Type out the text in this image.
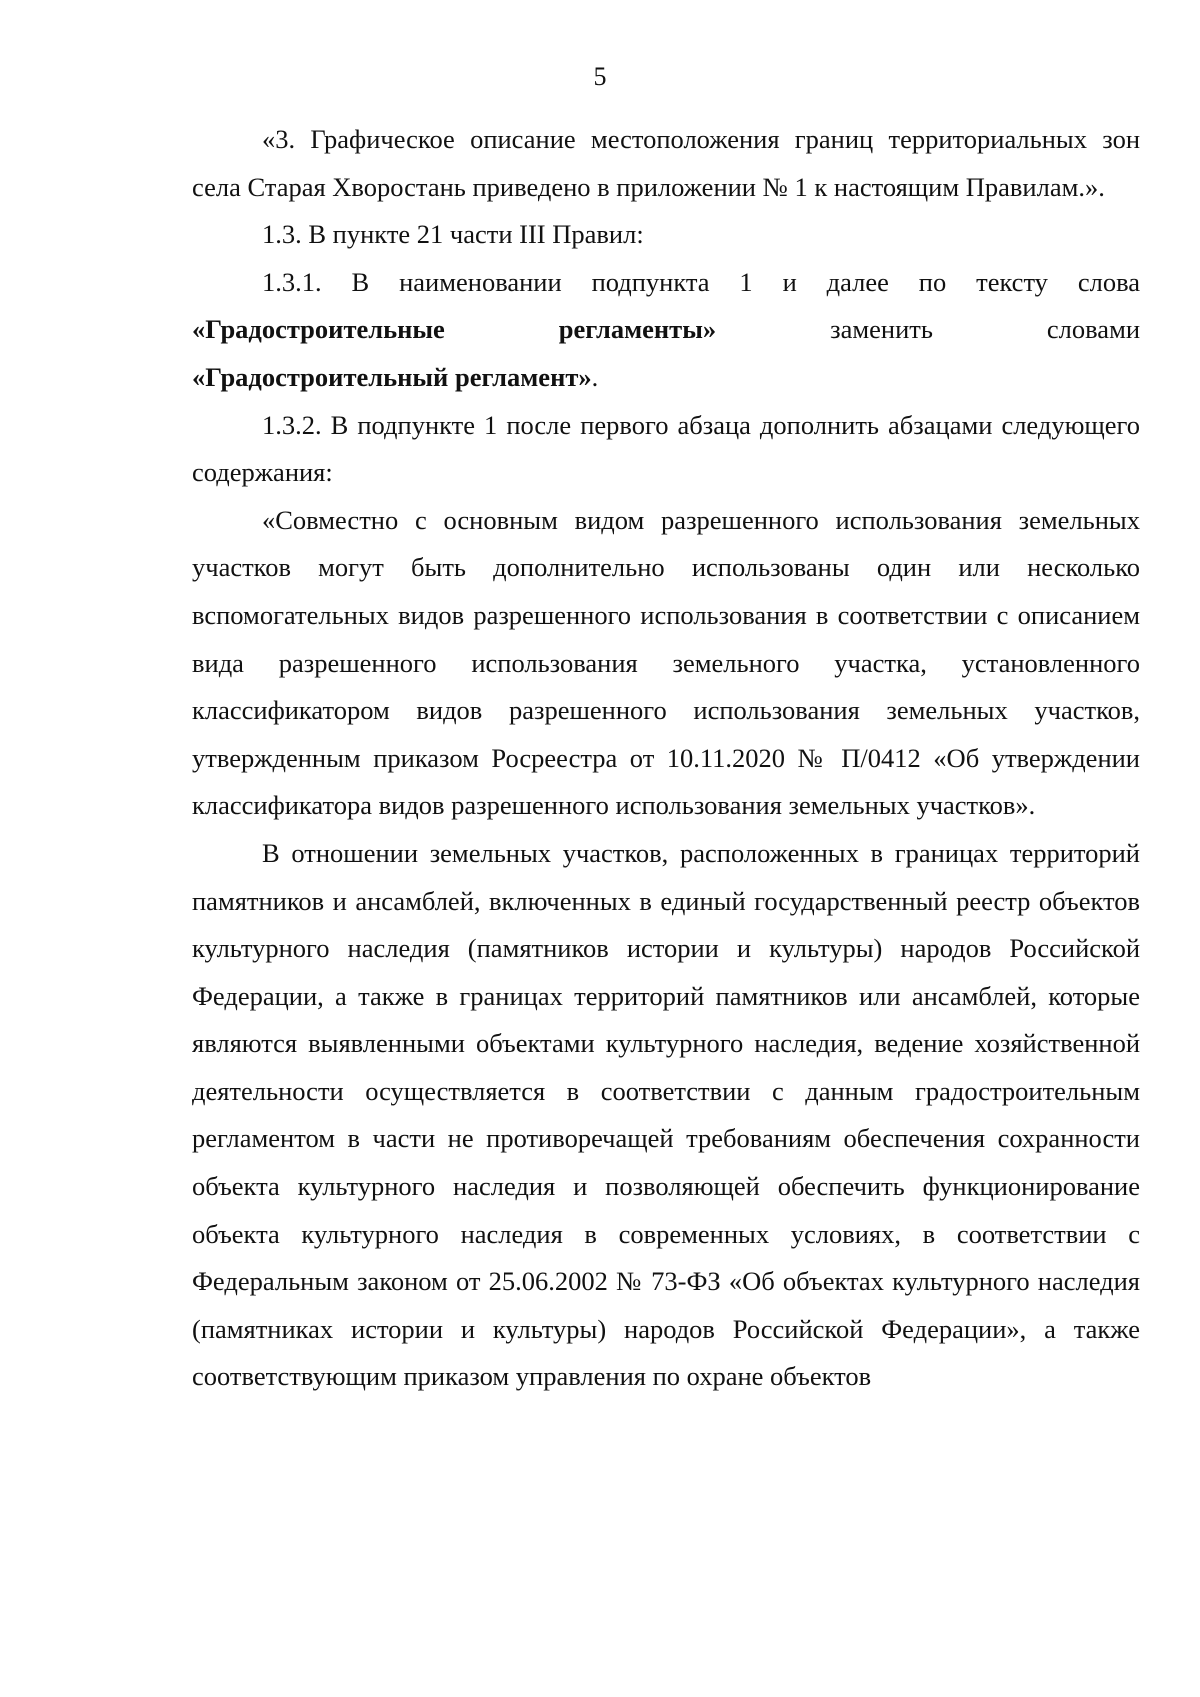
5

«3. Графическое описание местоположения границ территориальных зон села Старая Хворостань приведено в приложении № 1 к настоящим Правилам.».

1.3. В пункте 21 части III Правил:

1.3.1. В наименовании подпункта 1 и далее по тексту слова

«Градостроительные регламенты»	заменить словами

«Градостроительный регламент».

1.3.2. В подпункте 1 после первого абзаца дополнить абзацами следующего содержания:

«Совместно с основным видом разрешенного использования земельных участков могут быть дополнительно использованы один или несколько вспомогательных видов разрешенного использования в соответствии с описанием вида разрешенного использования земельного участка, установленного классификатором видов разрешенного использования земельных участков, утвержденным приказом Росреестра от 10.11.2020 № П/0412 «Об утверждении классификатора видов разрешенного использования земельных участков».

В отношении земельных участков, расположенных в границах территорий памятников и ансамблей, включенных в единый государственный реестр объектов культурного наследия (памятников истории и культуры) народов Российской Федерации, а также в границах территорий памятников или ансамблей, которые являются выявленными объектами культурного наследия, ведение хозяйственной деятельности осуществляется в соответствии с данным градостроительным регламентом в части не противоречащей требованиям обеспечения сохранности объекта культурного наследия и позволяющей обеспечить функционирование объекта культурного наследия в современных условиях, в соответствии с Федеральным законом от 25.06.2002 № 73-ФЗ «Об объектах культурного наследия (памятниках истории и культуры) народов Российской Федерации», а также соответствующим приказом управления по охране объектов
